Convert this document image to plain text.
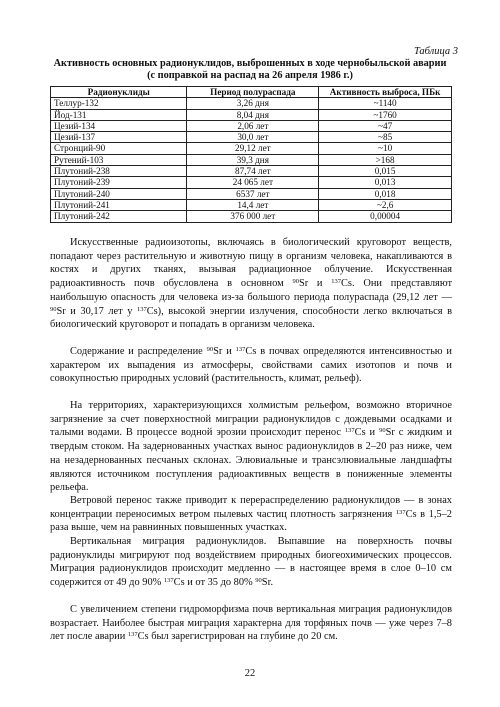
Таблица 3
Активность основных радионуклидов, выброшенных в ходе чернобыльской аварии
(с поправкой на распад на 26 апреля 1986 г.)
Радионуклиды	Период полураспада	Активность выброса, ПБк
Теллур-132	3,26 дня	~1140
Йод-131	8,04 дня	~1760
Цезий-134	2,06 лет	~47
Цезий-137	30,0 лет	~85
Стронций-90	29,12 лет	~10
Рутений-103	39,3 дня	>168
Плутоний-238	87,74 лет	0,015
Плутоний-239	24 065 лет	0,013
Плутоний-240	6537 лет	0,018
Плутоний-241	14,4 лет	~2,6
Плутоний-242	376 000 лет	0,00004

Искусственные радиоизотопы, включаясь в биологический круговорот веществ, попадают через растительную и животную пищу в организм человека, накапливаются в костях и других тканях, вызывая радиационное облучение. Искусственная радиоактивность почв обусловлена в основном $^{90}$Sr и $^{137}$Cs. Они представляют наибольшую опасность для человека из-за большого периода полураспада (29,12 лет — $^{90}$Sr и 30,17 лет у $^{137}$Cs), высокой энергии излучения, способности легко включаться в биологический круговорот и попадать в организм человека.

Содержание и распределение $^{90}$Sr и $^{137}$Cs в почвах определяются интенсивностью и характером их выпадения из атмосферы, свойствами самих изотопов и почв и совокупностью природных условий (растительность, климат, рельеф).

На территориях, характеризующихся холмистым рельефом, возможно вторичное загрязнение за счет поверхностной миграции радионуклидов с дождевыми осадками и талыми водами. В процессе водной эрозии происходит перенос $^{137}$Cs и $^{90}$Sr с жидким и твердым стоком. На задернованных участках вынос радионуклидов в 2–20 раз ниже, чем на незадернованных песчаных склонах. Элювиальные и трансэлювиальные ландшафты являются источником поступления радиоактивных веществ в пониженные элементы рельефа.

Ветровой перенос также приводит к перераспределению радионуклидов — в зонах концентрации переносимых ветром пылевых частиц плотность загрязнения $^{137}$Cs в 1,5–2 раза выше, чем на равнинных повышенных участках.

Вертикальная миграция радионуклидов. Выпавшие на поверхность почвы радионуклиды мигрируют под воздействием природных биогеохимических процессов. Миграция радионуклидов происходит медленно — в настоящее время в слое 0–10 см содержится от 49 до 90% $^{137}$Cs и от 35 до 80% $^{90}$Sr.

С увеличением степени гидроморфизма почв вертикальная миграция радионуклидов возрастает. Наиболее быстрая миграция характерна для торфяных почв — уже через 7–8 лет после аварии $^{137}$Cs был зарегистрирован на глубине до 20 см.

22
